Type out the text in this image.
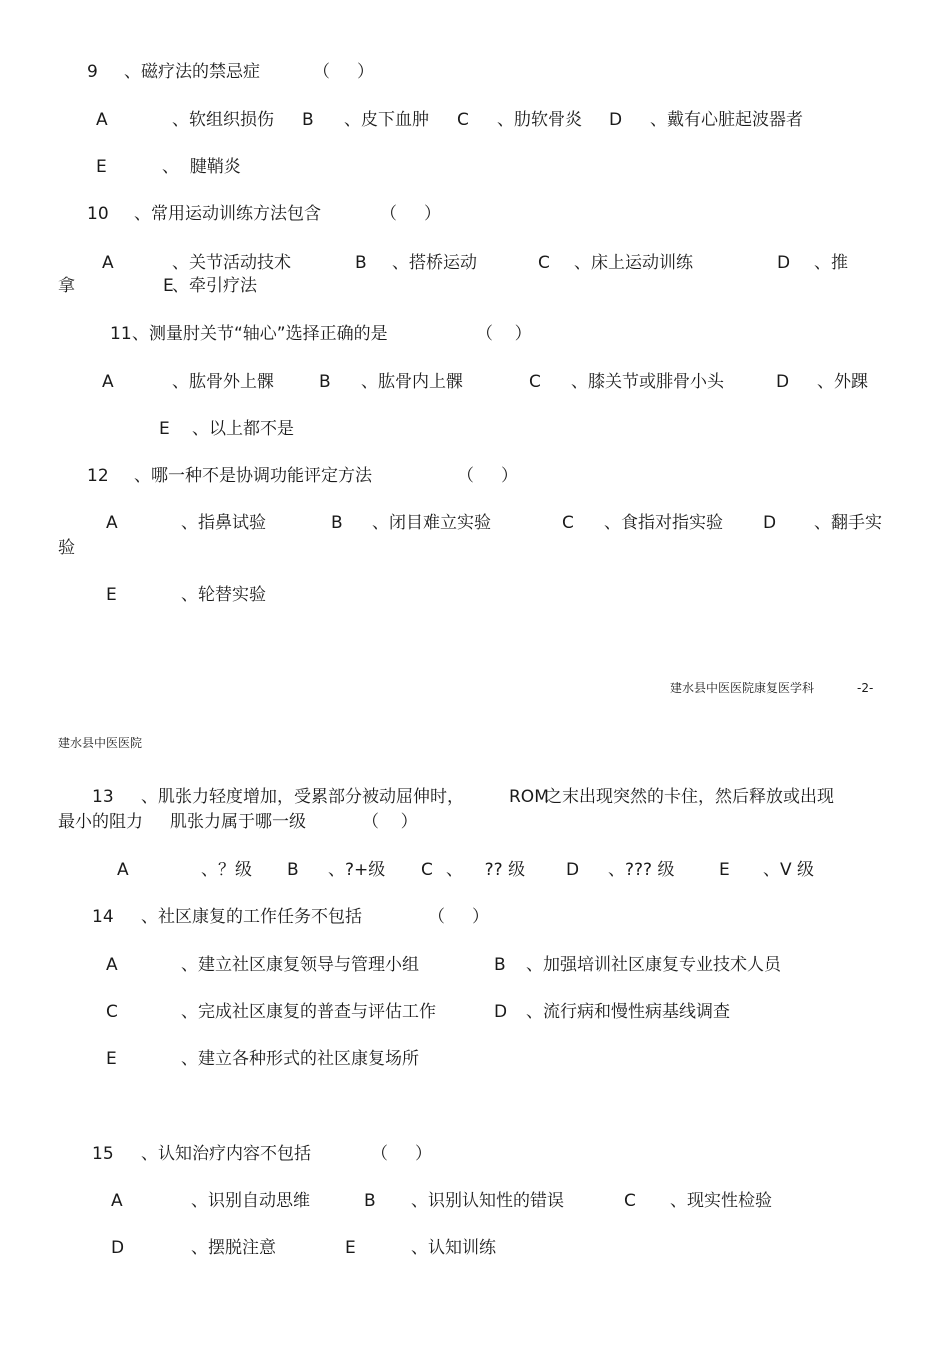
9 、磁疗法的禁忌症	（     ）
A	、软组织损伤 B 、皮下血肿 C 、肋软骨炎 D 、戴有心脏起波器者
E	、  腱鞘炎
10 、常用运动训练方法包含	（     ）
A	、关节活动技术	B 、搭桥运动	C 、床上运动训练	D 、推
拿	E
、牵引疗法
11 、测量肘关节“轴心”选择正确的是	（    ）
A	、肱骨外上髁	B 、肱骨内上髁	C 、膝关节或腓骨小头	D 、外踝
E 、以上都不是
12 、哪一种不是协调功能评定方法	（     ）
A	、指鼻试验	B 、闭目难立实验	C 、食指对指实验 D 、翻手实
验
E	、轮替实验
建水县中医医院康复医学科	-2-
建水县中医医院
13 、肌张力轻度增加，受累部分被动屈伸时，	ROM
之末出现突然的卡住，然后释放或出现
最小的阻力     肌张力属于哪一级	（    ）
A	、？级 B 、?+级 C 、    ?? 级 D 、??? 级	E 、V 级
14 、社区康复的工作任务不包括	（     ）
A	、建立社区康复领导与管理小组	B 、加强培训社区康复专业技术人员
C	、完成社区康复的普查与评估工作	D 、流行病和慢性病基线调查
E	、建立各种形式的社区康复场所
15 、认知治疗内容不包括	（     ）
A	、识别自动思维	B 、识别认知性的错误	C 、现实性检验
D	、摆脱注意	E	、认知训练
